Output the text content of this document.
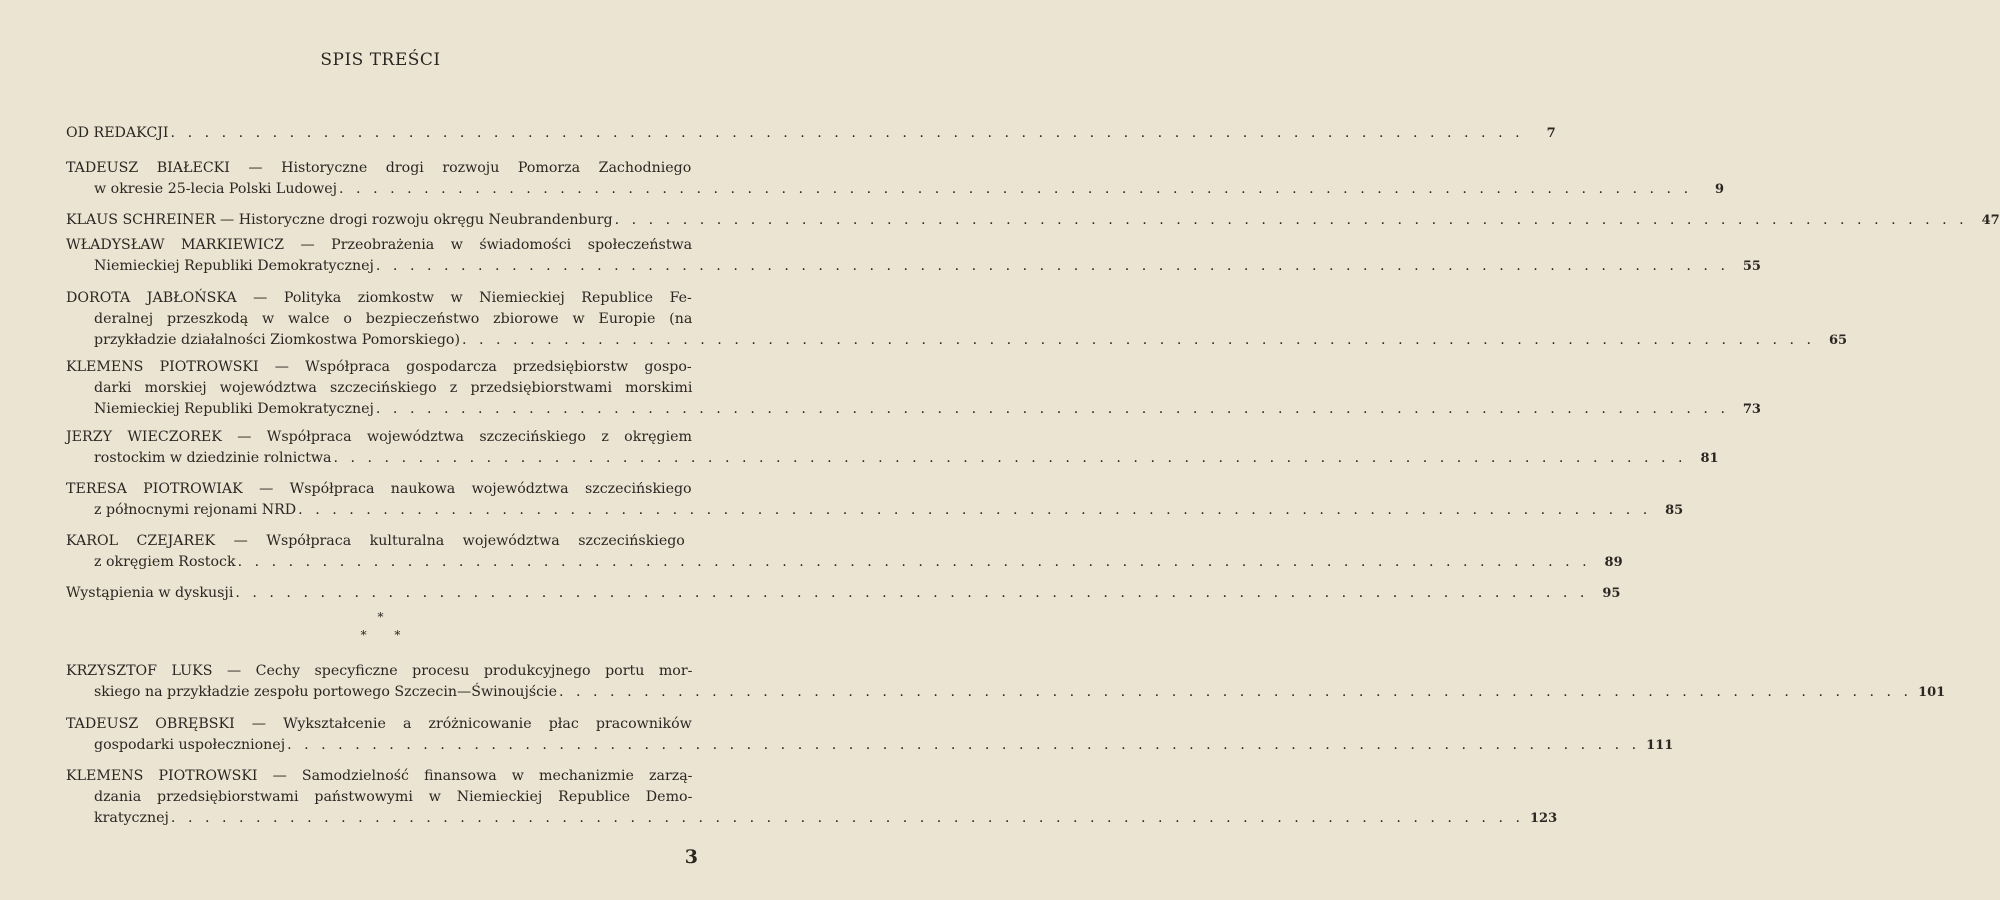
SPIS TREŚCI
OD REDAKCJI . . . . . . . . . . . . . . . . . . . . . . . . . . . . . . . . . . . . . . . . . . . . . . . . . . . . . . . . . . . . . . . . . . . . . . . . . . . . . . . .	7
TADEUSZ BIAŁECKI — Historyczne drogi rozwoju Pomorza Zachodniego
w okresie 25-lecia Polski Ludowej . . . . . . . . . . . . . . . . . . . . . . . . . . . . . . . . . . . . . . . . . . . . . . . . . . . . . . . . . . . . . . . . . . . . . . . . . . . . . . . .	9
KLAUS SCHREINER — Historyczne drogi rozwoju okręgu Neubrandenburg . . . . . . . . . . . . . . . . . . . . . . . . . . . . . . . . . . . . . . . . . . . . . . . . . . . . . . . . . . . . . . . . . . . . . . . . . . . . . . . .	47
WŁADYSŁAW MARKIEWICZ — Przeobrażenia w świadomości społeczeństwa
Niemieckiej Republiki Demokratycznej . . . . . . . . . . . . . . . . . . . . . . . . . . . . . . . . . . . . . . . . . . . . . . . . . . . . . . . . . . . . . . . . . . . . . . . . . . . . . . . .	55
DOROTA JABŁOŃSKA — Polityka ziomkostw w Niemieckiej Republice Fe-
deralnej przeszkodą w walce o bezpieczeństwo zbiorowe w Europie (na
przykładzie działalności Ziomkostwa Pomorskiego) . . . . . . . . . . . . . . . . . . . . . . . . . . . . . . . . . . . . . . . . . . . . . . . . . . . . . . . . . . . . . . . . . . . . . . . . . . . . . . . .	65
KLEMENS PIOTROWSKI — Współpraca gospodarcza przedsiębiorstw gospo-
darki morskiej województwa szczecińskiego z przedsiębiorstwami morskimi
Niemieckiej Republiki Demokratycznej . . . . . . . . . . . . . . . . . . . . . . . . . . . . . . . . . . . . . . . . . . . . . . . . . . . . . . . . . . . . . . . . . . . . . . . . . . . . . . . .	73
JERZY WIECZOREK — Współpraca województwa szczecińskiego z okręgiem
rostockim w dziedzinie rolnictwa . . . . . . . . . . . . . . . . . . . . . . . . . . . . . . . . . . . . . . . . . . . . . . . . . . . . . . . . . . . . . . . . . . . . . . . . . . . . . . . .	81
TERESA PIOTROWIAK — Współpraca naukowa województwa szczecińskiego
z północnymi rejonami NRD . . . . . . . . . . . . . . . . . . . . . . . . . . . . . . . . . . . . . . . . . . . . . . . . . . . . . . . . . . . . . . . . . . . . . . . . . . . . . . . .	85
KAROL CZEJAREK — Współpraca kulturalna województwa szczecińskiego
z okręgiem Rostock . . . . . . . . . . . . . . . . . . . . . . . . . . . . . . . . . . . . . . . . . . . . . . . . . . . . . . . . . . . . . . . . . . . . . . . . . . . . . . . .	89
Wystąpienia w dyskusji . . . . . . . . . . . . . . . . . . . . . . . . . . . . . . . . . . . . . . . . . . . . . . . . . . . . . . . . . . . . . . . . . . . . . . . . . . . . . . . .	95
KRZYSZTOF LUKS — Cechy specyficzne procesu produkcyjnego portu mor-
skiego na przykładzie zespołu portowego Szczecin—Świnoujście . . . . . . . . . . . . . . . . . . . . . . . . . . . . . . . . . . . . . . . . . . . . . . . . . . . . . . . . . . . . . . . . . . . . . . . . . . . . . . . . 101
TADEUSZ OBRĘBSKI — Wykształcenie a zróżnicowanie płac pracowników
gospodarki uspołecznionej . . . . . . . . . . . . . . . . . . . . . . . . . . . . . . . . . . . . . . . . . . . . . . . . . . . . . . . . . . . . . . . . . . . . . . . . . . . . . . . . 111
KLEMENS PIOTROWSKI — Samodzielność finansowa w mechanizmie zarzą-
dzania przedsiębiorstwami państwowymi w Niemieckiej Republice Demo-
kratycznej . . . . . . . . . . . . . . . . . . . . . . . . . . . . . . . . . . . . . . . . . . . . . . . . . . . . . . . . . . . . . . . . . . . . . . . . . . . . . . . . 123
*
* *
3
